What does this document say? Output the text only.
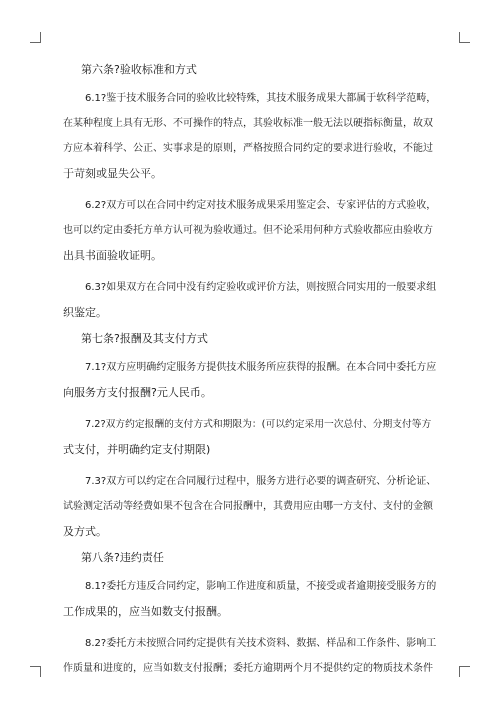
第六条?验收标准和方式
6.1?鉴于技术服务合同的验收比较特殊，其技术服务成果大都属于软科学范畴，
在某种程度上具有无形、不可操作的特点，其验收标准一般无法以硬指标衡量，故双
方应本着科学、公正、实事求是的原则，严格按照合同约定的要求进行验收，不能过
于苛刻或显失公平。
6.2?双方可以在合同中约定对技术服务成果采用鉴定会、专家评估的方式验收，
也可以约定由委托方单方认可视为验收通过。但不论采用何种方式验收都应由验收方
出具书面验收证明。
6.3?如果双方在合同中没有约定验收或评价方法，则按照合同实用的一般要求组
织鉴定。
第七条?报酬及其支付方式
7.1?双方应明确约定服务方提供技术服务所应获得的报酬。在本合同中委托方应
向服务方支付报酬?元人民币。
7.2?双方约定报酬的支付方式和期限为：(可以约定采用一次总付、分期支付等方
式支付，并明确约定支付期限)
7.3?双方可以约定在合同履行过程中，服务方进行必要的调查研究、分析论证、
试验测定活动等经费如果不包含在合同报酬中，其费用应由哪一方支付、支付的金额
及方式。
第八条?违约责任
8.1?委托方违反合同约定，影响工作进度和质量，不接受或者逾期接受服务方的
工作成果的，应当如数支付报酬。
8.2?委托方未按照合同约定提供有关技术资料、数据、样品和工作条件、影响工
作质量和进度的，应当如数支付报酬；委托方逾期两个月不提供约定的物质技术条件
